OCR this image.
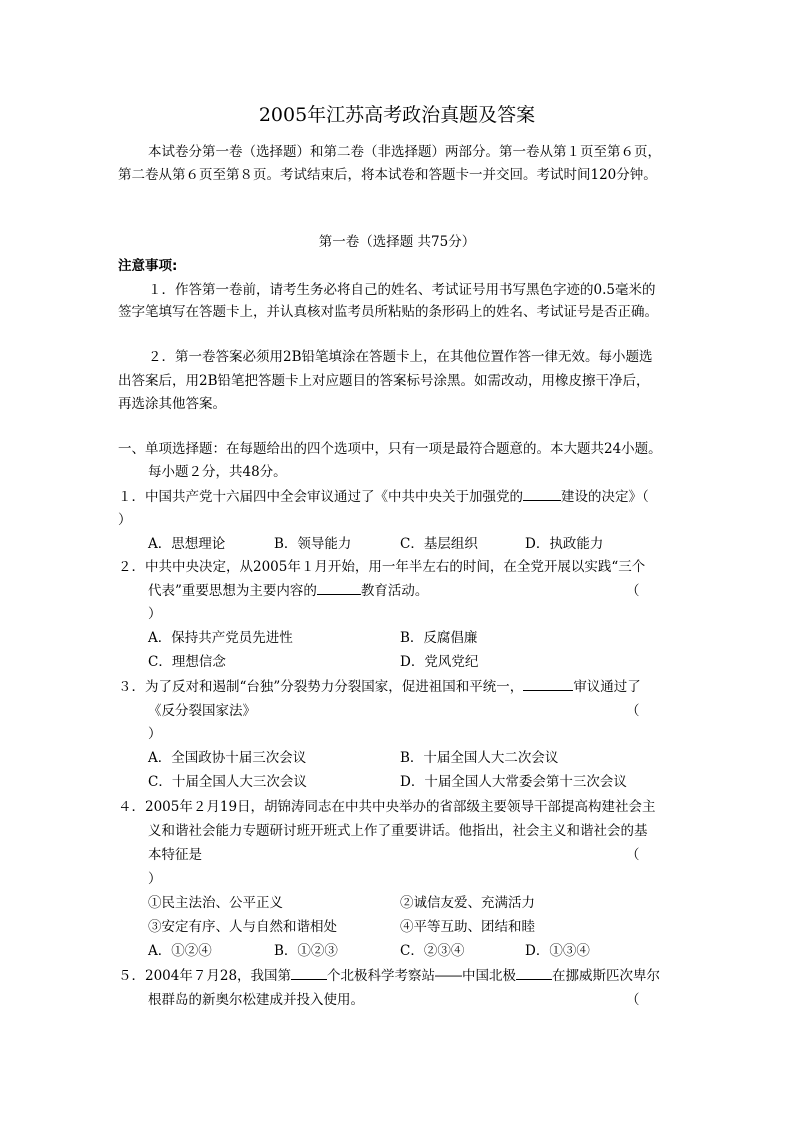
2005年江苏高考政治真题及答案
本试卷分第一卷（选择题）和第二卷（非选择题）两部分。第一卷从第１页至第６页，
第二卷从第６页至第８页。考试结束后，将本试卷和答题卡一并交回。考试时间120分钟。
第一卷（选择题 共75分）
注意事项:
１．作答第一卷前，请考生务必将自己的姓名、考试证号用书写黑色字迹的0.5毫米的
签字笔填写在答题卡上，并认真核对监考员所粘贴的条形码上的姓名、考试证号是否正确。
２．第一卷答案必须用2B铅笔填涂在答题卡上，在其他位置作答一律无效。每小题选
出答案后，用2B铅笔把答题卡上对应题目的答案标号涂黑。如需改动，用橡皮擦干净后，
再选涂其他答案。
一、单项选择题：在每题给出的四个选项中，只有一项是最符合题意的。本大题共24小题。
每小题２分，共48分。
１．中国共产党十六届四中全会审议通过了《中共中央关于加强党的	建设的决定》（
）
A．思想理论	B．领导能力	C．基层组织	D．执政能力
２．中共中央决定，从2005年１月开始，用一年半左右的时间，在全党开展以实践“三个
代表”重要思想为主要内容的	教育活动。	（
）
A．保持共产党员先进性	B．反腐倡廉
C．理想信念	D．党风党纪
３．为了反对和遏制“台独”分裂势力分裂国家，促进祖国和平统一，	审议通过了
《反分裂国家法》	（
）
A．全国政协十届三次会议	B．十届全国人大二次会议
C．十届全国人大三次会议	D．十届全国人大常委会第十三次会议
４．2005年２月19日，胡锦涛同志在中共中央举办的省部级主要领导干部提高构建社会主
义和谐社会能力专题研讨班开班式上作了重要讲话。他指出，社会主义和谐社会的基
本特征是	（
）
①民主法治、公平正义	②诚信友爱、充满活力
③安定有序、人与自然和谐相处	④平等互助、团结和睦
A．①②④	B．①②③	C．②③④	D．①③④
５．2004年７月28，我国第	个北极科学考察站――中国北极	在挪威斯匹次卑尔
根群岛的新奥尔松建成并投入使用。	（
